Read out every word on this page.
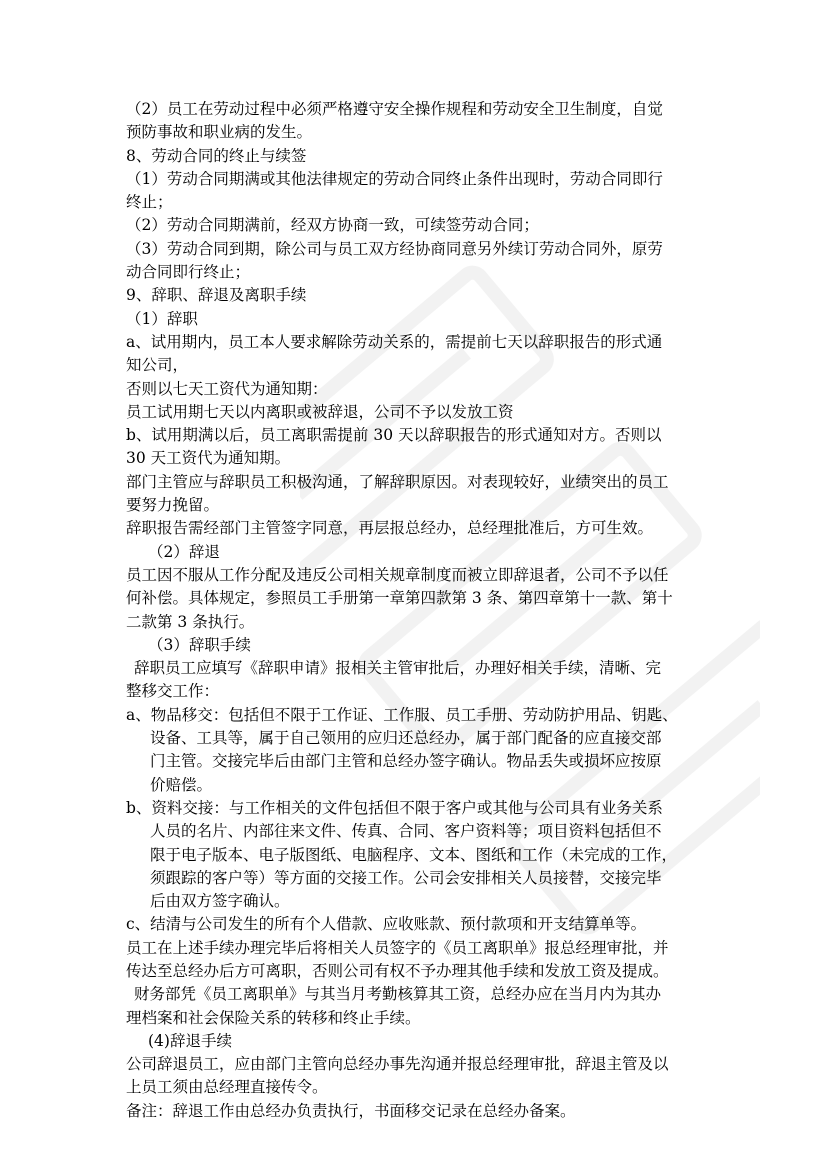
（2）员工在劳动过程中必须严格遵守安全操作规程和劳动安全卫生制度，自觉
预防事故和职业病的发生。
8、劳动合同的终止与续签
（1）劳动合同期满或其他法律规定的劳动合同终止条件出现时，劳动合同即行
终止；
（2）劳动合同期满前，经双方协商一致，可续签劳动合同；
（3）劳动合同到期，除公司与员工双方经协商同意另外续订劳动合同外，原劳
动合同即行终止；
9、辞职、辞退及离职手续
（1）辞职
a、试用期内，员工本人要求解除劳动关系的，需提前七天以辞职报告的形式通
知公司，
否则以七天工资代为通知期：
员工试用期七天以内离职或被辞退，公司不予以发放工资
b、试用期满以后，员工离职需提前 30 天以辞职报告的形式通知对方。否则以
30 天工资代为通知期。
部门主管应与辞职员工积极沟通，了解辞职原因。对表现较好，业绩突出的员工
要努力挽留。
辞职报告需经部门主管签字同意，再层报总经办，总经理批准后，方可生效。
（2）辞退
员工因不服从工作分配及违反公司相关规章制度而被立即辞退者，公司不予以任
何补偿。具体规定，参照员工手册第一章第四款第 3 条、第四章第十一款、第十
二款第 3 条执行。
（3）辞职手续
辞职员工应填写《辞职申请》报相关主管审批后，办理好相关手续，清晰、完
整移交工作：
a、物品移交：包括但不限于工作证、工作服、员工手册、劳动防护用品、钥匙、
设备、工具等，属于自己领用的应归还总经办，属于部门配备的应直接交部
门主管。交接完毕后由部门主管和总经办签字确认。物品丢失或损坏应按原
价赔偿。
b、资料交接：与工作相关的文件包括但不限于客户或其他与公司具有业务关系
人员的名片、内部往来文件、传真、合同、客户资料等；项目资料包括但不
限于电子版本、电子版图纸、电脑程序、文本、图纸和工作（未完成的工作，
须跟踪的客户等）等方面的交接工作。公司会安排相关人员接替，交接完毕
后由双方签字确认。
c、结清与公司发生的所有个人借款、应收账款、预付款项和开支结算单等。
员工在上述手续办理完毕后将相关人员签字的《员工离职单》报总经理审批，并
传达至总经办后方可离职，否则公司有权不予办理其他手续和发放工资及提成。
财务部凭《员工离职单》与其当月考勤核算其工资，总经办应在当月内为其办
理档案和社会保险关系的转移和终止手续。
(4)辞退手续
公司辞退员工，应由部门主管向总经办事先沟通并报总经理审批，辞退主管及以
上员工须由总经理直接传令。
备注：辞退工作由总经办负责执行，书面移交记录在总经办备案。
